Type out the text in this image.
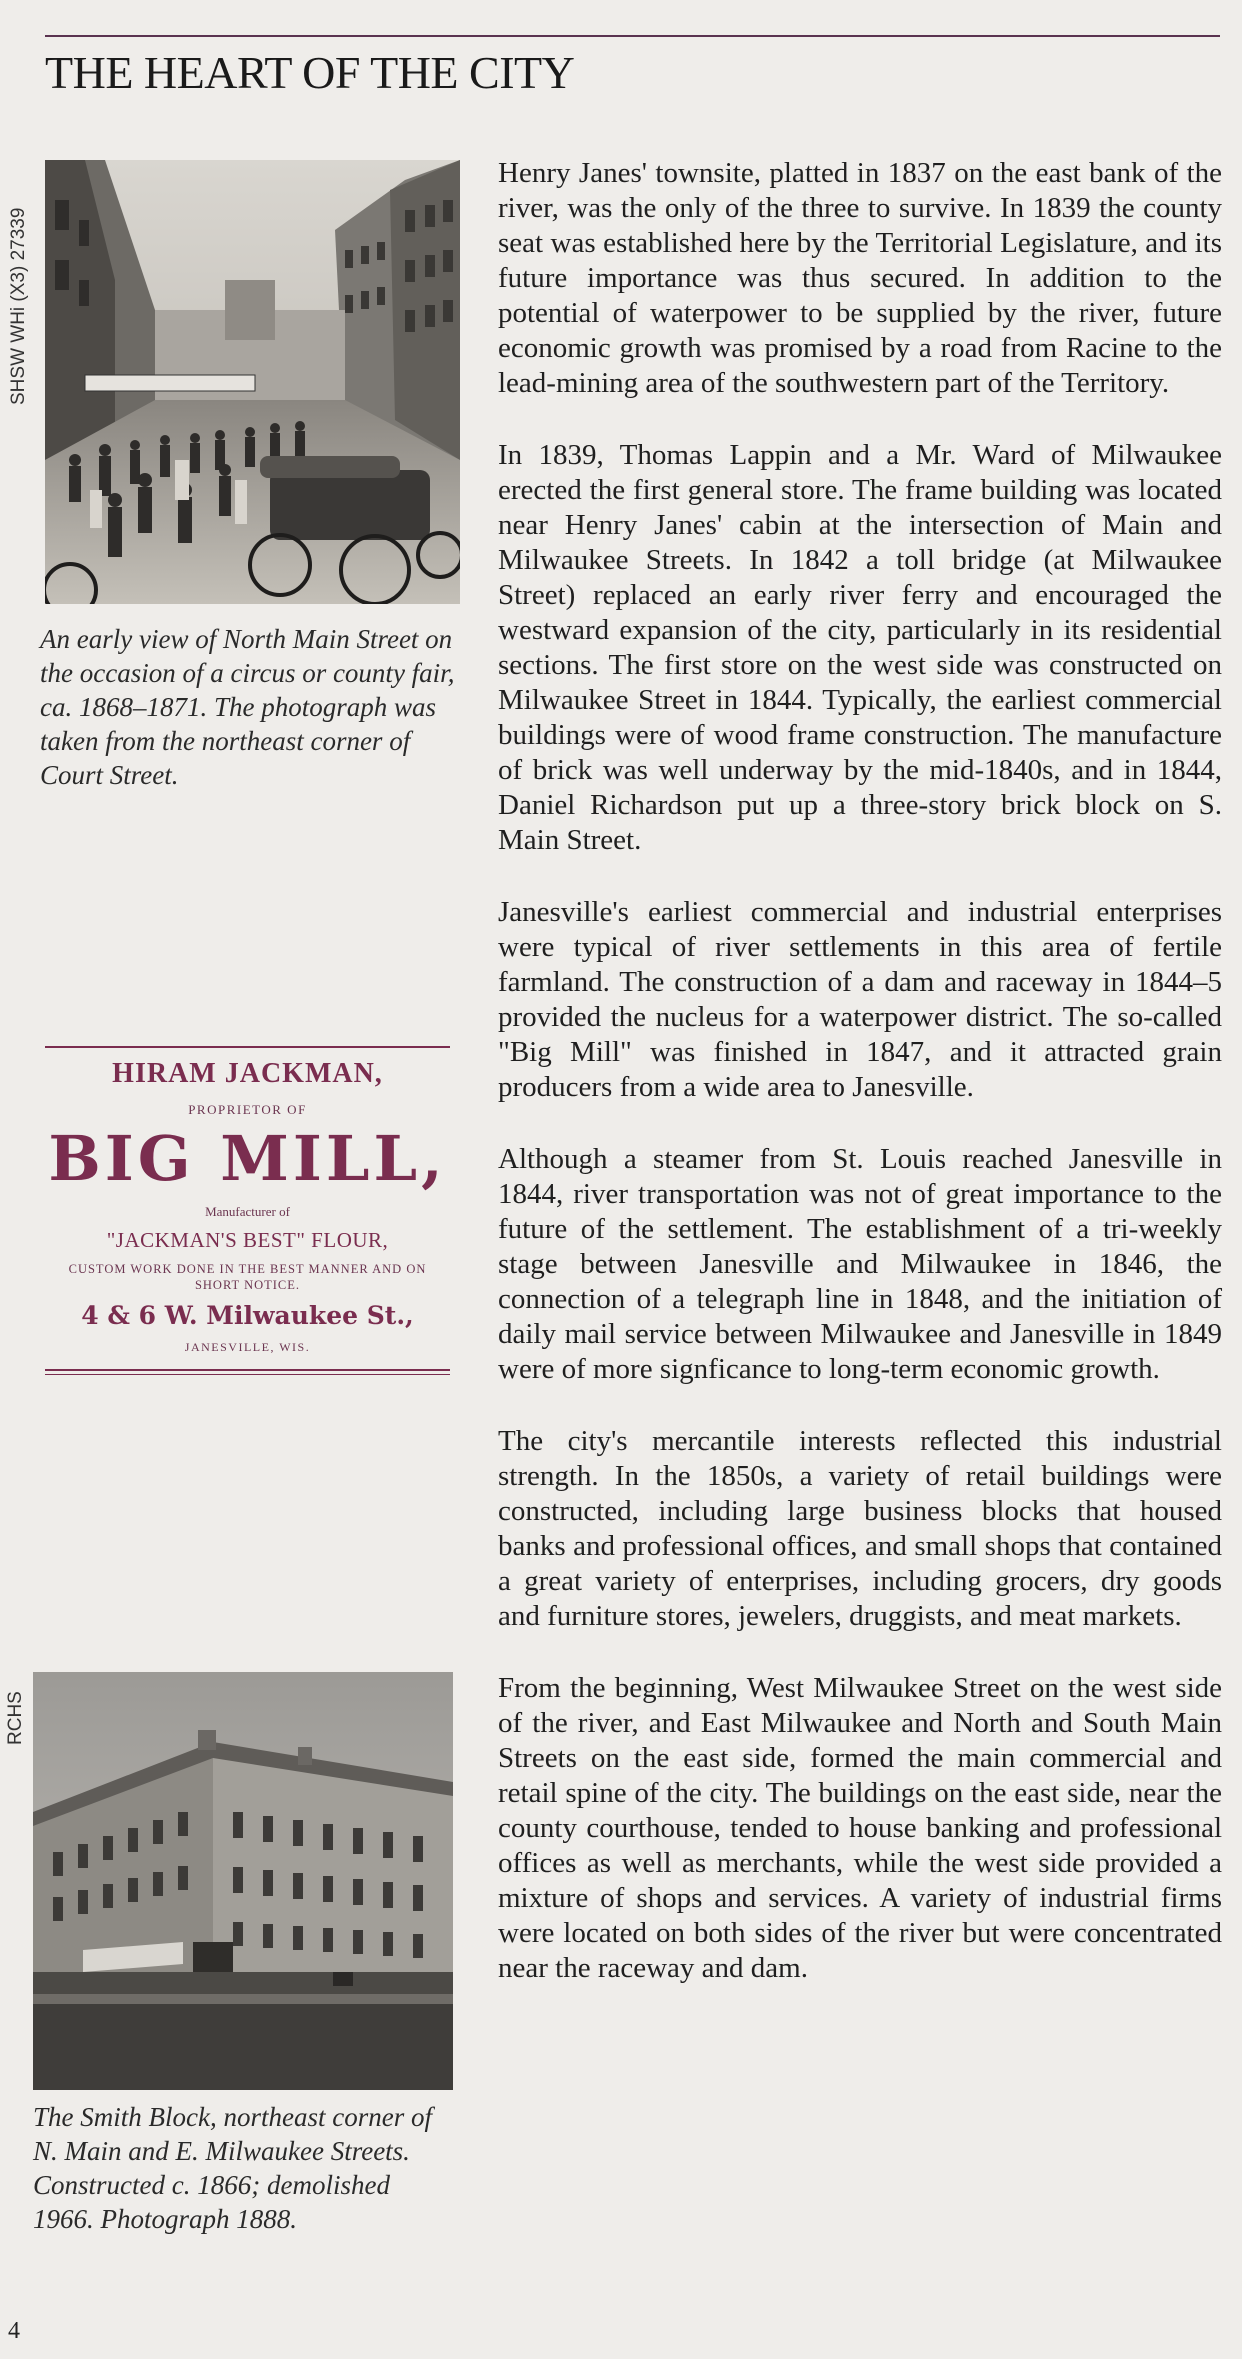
THE HEART OF THE CITY
SHSW WHi (X3) 27339
An early view of North Main Street on the occasion of a circus or county fair, ca. 1868–1871. The photograph was taken from the northeast corner of Court Street.
HIRAM JACKMAN,
PROPRIETOR OF
BIG MILL,
Manufacturer of
"JACKMAN'S BEST" FLOUR,
CUSTOM WORK DONE IN THE BEST MANNER AND ON SHORT NOTICE.
4 & 6 W. Milwaukee St.,
JANESVILLE, WIS.
RCHS
The Smith Block, northeast corner of N. Main and E. Milwaukee Streets. Constructed c. 1866; demolished 1966. Photograph 1888.

Henry Janes' townsite, platted in 1837 on the east bank of the river, was the only of the three to survive. In 1839 the county seat was established here by the Territorial Legislature, and its future importance was thus secured. In addition to the potential of waterpower to be supplied by the river, future economic growth was promised by a road from Racine to the lead-mining area of the southwestern part of the Territory.

In 1839, Thomas Lappin and a Mr. Ward of Milwaukee erected the first general store. The frame building was located near Henry Janes' cabin at the intersection of Main and Milwaukee Streets. In 1842 a toll bridge (at Milwaukee Street) replaced an early river ferry and encouraged the westward expansion of the city, particularly in its residential sections. The first store on the west side was constructed on Milwaukee Street in 1844. Typically, the earliest commercial buildings were of wood frame construction. The manufacture of brick was well underway by the mid-1840s, and in 1844, Daniel Richardson put up a three-story brick block on S. Main Street.

Janesville's earliest commercial and industrial enterprises were typical of river settlements in this area of fertile farmland. The construction of a dam and raceway in 1844–5 provided the nucleus for a waterpower district. The so-called "Big Mill" was finished in 1847, and it attracted grain producers from a wide area to Janesville.

Although a steamer from St. Louis reached Janesville in 1844, river transportation was not of great importance to the future of the settlement. The establishment of a tri-weekly stage between Janesville and Milwaukee in 1846, the connection of a telegraph line in 1848, and the initiation of daily mail service between Milwaukee and Janesville in 1849 were of more signficance to long-term economic growth.

The city's mercantile interests reflected this industrial strength. In the 1850s, a variety of retail buildings were constructed, including large business blocks that housed banks and professional offices, and small shops that contained a great variety of enterprises, including grocers, dry goods and furniture stores, jewelers, druggists, and meat markets.

From the beginning, West Milwaukee Street on the west side of the river, and East Milwaukee and North and South Main Streets on the east side, formed the main commercial and retail spine of the city. The buildings on the east side, near the county courthouse, tended to house banking and professional offices as well as merchants, while the west side provided a mixture of shops and services. A variety of industrial firms were located on both sides of the river but were concentrated near the raceway and dam.

4
